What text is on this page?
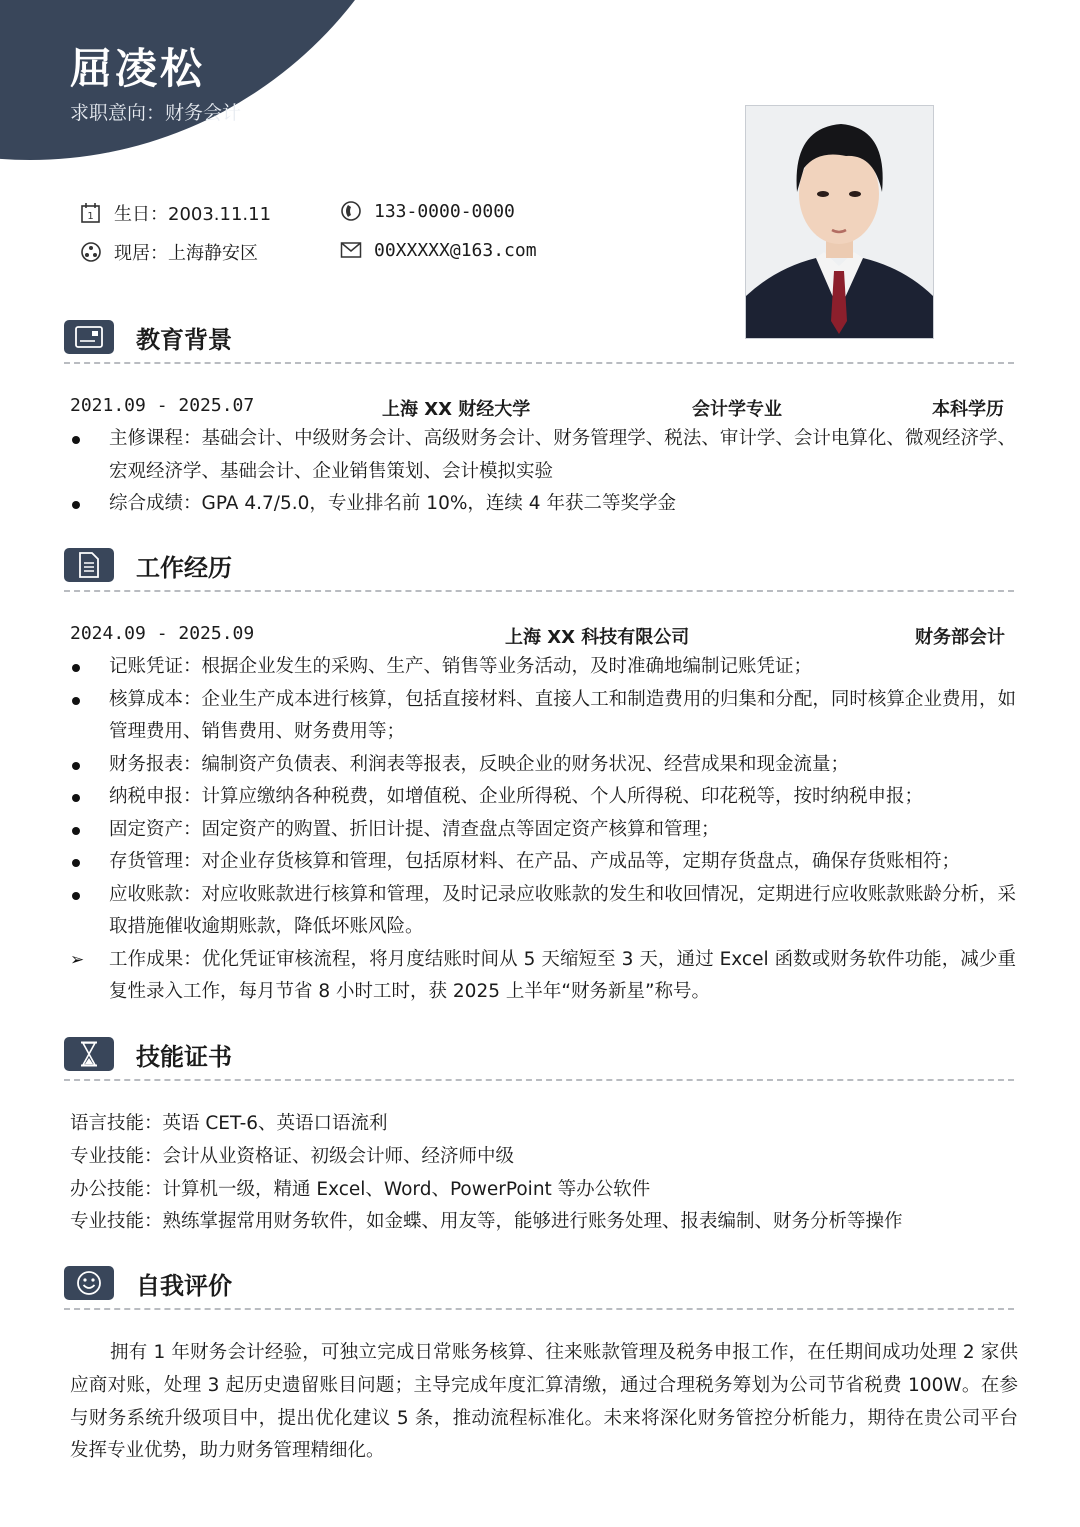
屈凌松
求职意向：财务会计
1 生日：2003.11.11	133-0000-0000
现居：上海静安区	00XXXXX@163.com
教育背景
2021.09 - 2025.07	上海 XX 财经大学	会计学专业	本科学历
主修课程：基础会计、中级财务会计、高级财务会计、财务管理学、税法、审计学、会计电算化、微观经济学、宏观经济学、基础会计、企业销售策划、会计模拟实验
综合成绩：GPA 4.7/5.0，专业排名前 10%，连续 4 年获二等奖学金
工作经历
2024.09 - 2025.09	上海 XX 科技有限公司	财务部会计
记账凭证：根据企业发生的采购、生产、销售等业务活动，及时准确地编制记账凭证；
核算成本：企业生产成本进行核算，包括直接材料、直接人工和制造费用的归集和分配，同时核算企业费用，如管理费用、销售费用、财务费用等；
财务报表：编制资产负债表、利润表等报表，反映企业的财务状况、经营成果和现金流量；
纳税申报：计算应缴纳各种税费，如增值税、企业所得税、个人所得税、印花税等，按时纳税申报；
固定资产：固定资产的购置、折旧计提、清查盘点等固定资产核算和管理；
存货管理：对企业存货核算和管理，包括原材料、在产品、产成品等，定期存货盘点，确保存货账相符；
应收账款：对应收账款进行核算和管理，及时记录应收账款的发生和收回情况，定期进行应收账款账龄分析，采取措施催收逾期账款，降低坏账风险。
➢ 工作成果：优化凭证审核流程，将月度结账时间从 5 天缩短至 3 天，通过 Excel 函数或财务软件功能，减少重复性录入工作，每月节省 8 小时工时，获 2025 上半年“财务新星”称号。
技能证书
语言技能：英语 CET-6、英语口语流利
专业技能：会计从业资格证、初级会计师、经济师中级
办公技能：计算机一级，精通 Excel、Word、PowerPoint 等办公软件
专业技能：熟练掌握常用财务软件，如金蝶、用友等，能够进行账务处理、报表编制、财务分析等操作
自我评价

拥有 1 年财务会计经验，可独立完成日常账务核算、往来账款管理及税务申报工作，在任期间成功处理 2 家供应商对账，处理 3 起历史遗留账目问题；主导完成年度汇算清缴，通过合理税务筹划为公司节省税费 100W。在参与财务系统升级项目中，提出优化建议 5 条，推动流程标准化。未来将深化财务管控分析能力，期待在贵公司平台发挥专业优势，助力财务管理精细化。
